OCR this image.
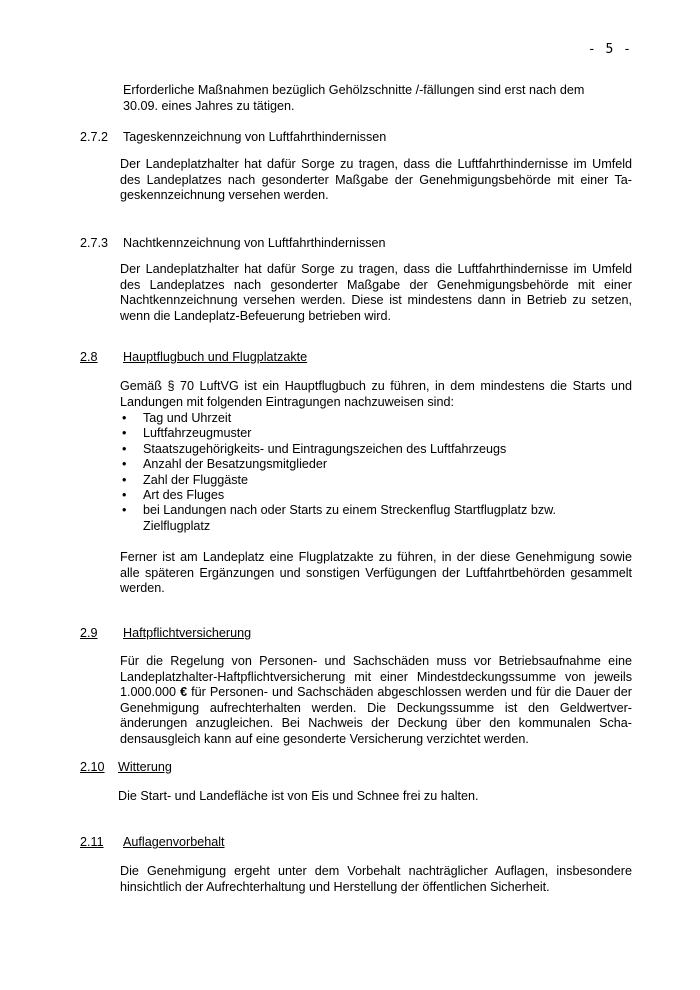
- 5 -
Erforderliche Maßnahmen bezüglich Gehölzschnitte /-fällungen sind erst nach dem 30.09. eines Jahres zu tätigen.
2.7.2 Tageskennzeichnung von Luftfahrthindernissen
Der Landeplatzhalter hat dafür Sorge zu tragen, dass die Luftfahrthindernisse im Umfeld des Landeplatzes nach gesonderter Maßgabe der Genehmigungsbehörde mit einer Ta-geskennzeichnung versehen werden.
2.7.3 Nachtkennzeichnung von Luftfahrthindernissen
Der Landeplatzhalter hat dafür Sorge zu tragen, dass die Luftfahrthindernisse im Umfeld des Landeplatzes nach gesonderter Maßgabe der Genehmigungsbehörde mit einer Nachtkennzeichnung versehen werden. Diese ist mindestens dann in Betrieb zu setzen, wenn die Landeplatz-Befeuerung betrieben wird.
2.8 Hauptflugbuch und Flugplatzakte
Gemäß § 70 LuftVG ist ein Hauptflugbuch zu führen, in dem mindestens die Starts und Landungen mit folgenden Eintragungen nachzuweisen sind:
• Tag und Uhrzeit
• Luftfahrzeugmuster
• Staatszugehörigkeits- und Eintragungszeichen des Luftfahrzeugs
• Anzahl der Besatzungsmitglieder
• Zahl der Fluggäste
• Art des Fluges
• bei Landungen nach oder Starts zu einem Streckenflug Startflugplatz bzw. Zielflugplatz
Ferner ist am Landeplatz eine Flugplatzakte zu führen, in der diese Genehmigung sowie alle späteren Ergänzungen und sonstigen Verfügungen der Luftfahrtbehörden gesammelt werden.
2.9 Haftpflichtversicherung
Für die Regelung von Personen- und Sachschäden muss vor Betriebsaufnahme eine Landeplatzhalter-Haftpflichtversicherung mit einer Mindestdeckungssumme von jeweils 1.000.000 € für Personen- und Sachschäden abgeschlossen werden und für die Dauer der Genehmigung aufrechterhalten werden. Die Deckungssumme ist den Geldwertver-änderungen anzugleichen. Bei Nachweis der Deckung über den kommunalen Scha-densausgleich kann auf eine gesonderte Versicherung verzichtet werden.
2.10 Witterung
Die Start- und Landefläche ist von Eis und Schnee frei zu halten.
2.11 Auflagenvorbehalt
Die Genehmigung ergeht unter dem Vorbehalt nachträglicher Auflagen, insbesondere hinsichtlich der Aufrechterhaltung und Herstellung der öffentlichen Sicherheit.
